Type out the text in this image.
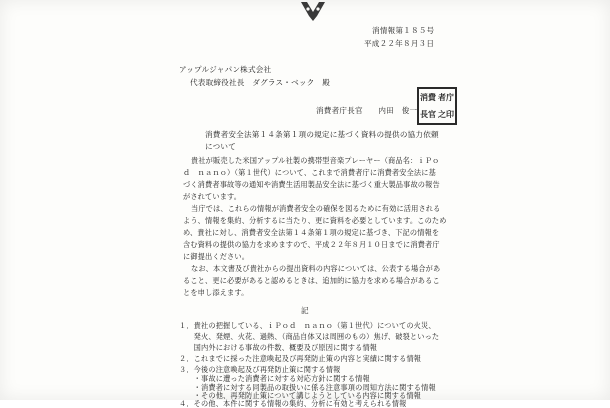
消情報第１８５号
平成２２年８月３日
アップルジャパン株式会社
代表取締役社長　ダグラス・ベック　殿
消費者庁長官　　内田　俊一
消費 者庁
長官 之印
消費者安全法第１４条第１項の規定に基づく資料の提供の協力依頼
について
貴社が販売した米国アップル社製の携帯型音楽プレーヤー（商品名：ｉＰｏ
ｄ　ｎａｎｏ）（第１世代）について、これまで消費者庁に消費者安全法に基
づく消費者事故等の通知や消費生活用製品安全法に基づく重大製品事故の報告
がされています。
当庁では、これらの情報が消費者安全の確保を図るために有効に活用される
よう、情報を集約、分析するに当たり、更に資料を必要としています。このため
め、貴社に対し、消費者安全法第１４条第１項の規定に基づき、下記の情報を
含む資料の提供の協力を求めますので、平成２２年８月１０日までに消費者庁
に御提出ください。
なお、本文書及び貴社からの提出資料の内容については、公表する場合があ
ること、更に必要があると認めるときは、追加的に協力を求める場合があるこ
とを申し添えます。
記
１．貴社の把握している、ｉＰｏｄ　ｎａｎｏ（第１世代）についての火災、
　　発火、発煙、火花、過熱、（商品自体又は周囲のもの）焦げ、破裂といった
　　国内外における事故の件数、概要及び原因に関する情報
２．これまでに採った注意喚起及び再発防止策の内容と実績に関する情報
３．今後の注意喚起及び再発防止策に関する情報
　　・事故に遭った消費者に対する対応方針に関する情報
　　・消費者に対する同製品の取扱いに係る注意事項の周知方法に関する情報
　　・その他、再発防止策について講じようとしている内容に関する情報
４．その他、本件に関する情報の集約、分析に有効と考えられる情報
